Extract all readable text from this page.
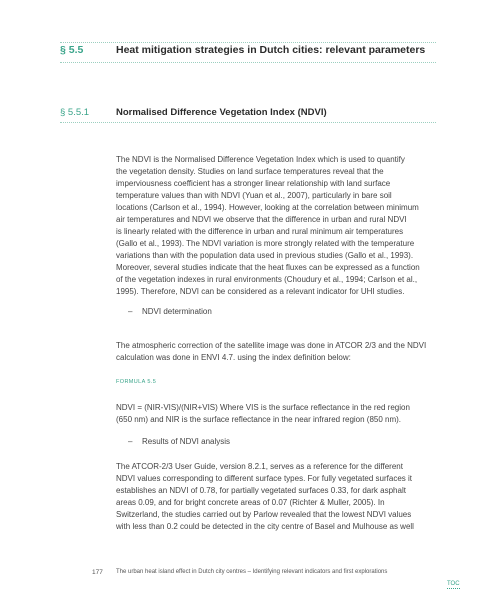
§ 5.5	Heat mitigation strategies in Dutch cities: relevant parameters
§ 5.5.1	Normalised Difference Vegetation Index (NDVI)
The NDVI is the Normalised Difference Vegetation Index which is used to quantify
the vegetation density. Studies on land surface temperatures reveal that the
imperviousness coefficient has a stronger linear relationship with land surface
temperature values than with NDVI (Yuan et al., 2007), particularly in bare soil
locations (Carlson et al., 1994). However, looking at the correlation between minimum
air temperatures and NDVI we observe that the difference in urban and rural NDVI
is linearly related with the difference in urban and rural minimum air temperatures
(Gallo et al., 1993). The NDVI variation is more strongly related with the temperature
variations than with the population data used in previous studies (Gallo et al., 1993).
Moreover, several studies indicate that the heat fluxes can be expressed as a function
of the vegetation indexes in rural environments (Choudury et al., 1994; Carlson et al.,
1995). Therefore, NDVI can be considered as a relevant indicator for UHI studies.
– NDVI determination
The atmospheric correction of the satellite image was done in ATCOR 2/3 and the NDVI
calculation was done in ENVI 4.7. using the index definition below:
FORMULA 5.5
NDVI = (NIR-VIS)/(NIR+VIS) Where VIS is the surface reflectance in the red region
(650 nm) and NIR is the surface reflectance in the near infrared region (850 nm).
– Results of NDVI analysis
The ATCOR-2/3 User Guide, version 8.2.1, serves as a reference for the different
NDVI values corresponding to different surface types. For fully vegetated surfaces it
establishes an NDVI of 0.78, for partially vegetated surfaces 0.33, for dark asphalt
areas 0.09, and for bright concrete areas of 0.07 (Richter & Muller, 2005). In
Switzerland, the studies carried out by Parlow revealed that the lowest NDVI values
with less than 0.2 could be detected in the city centre of Basel and Mulhouse as well
177 The urban heat island effect in Dutch city centres – Identifying relevant indicators and first explorations
TOC
